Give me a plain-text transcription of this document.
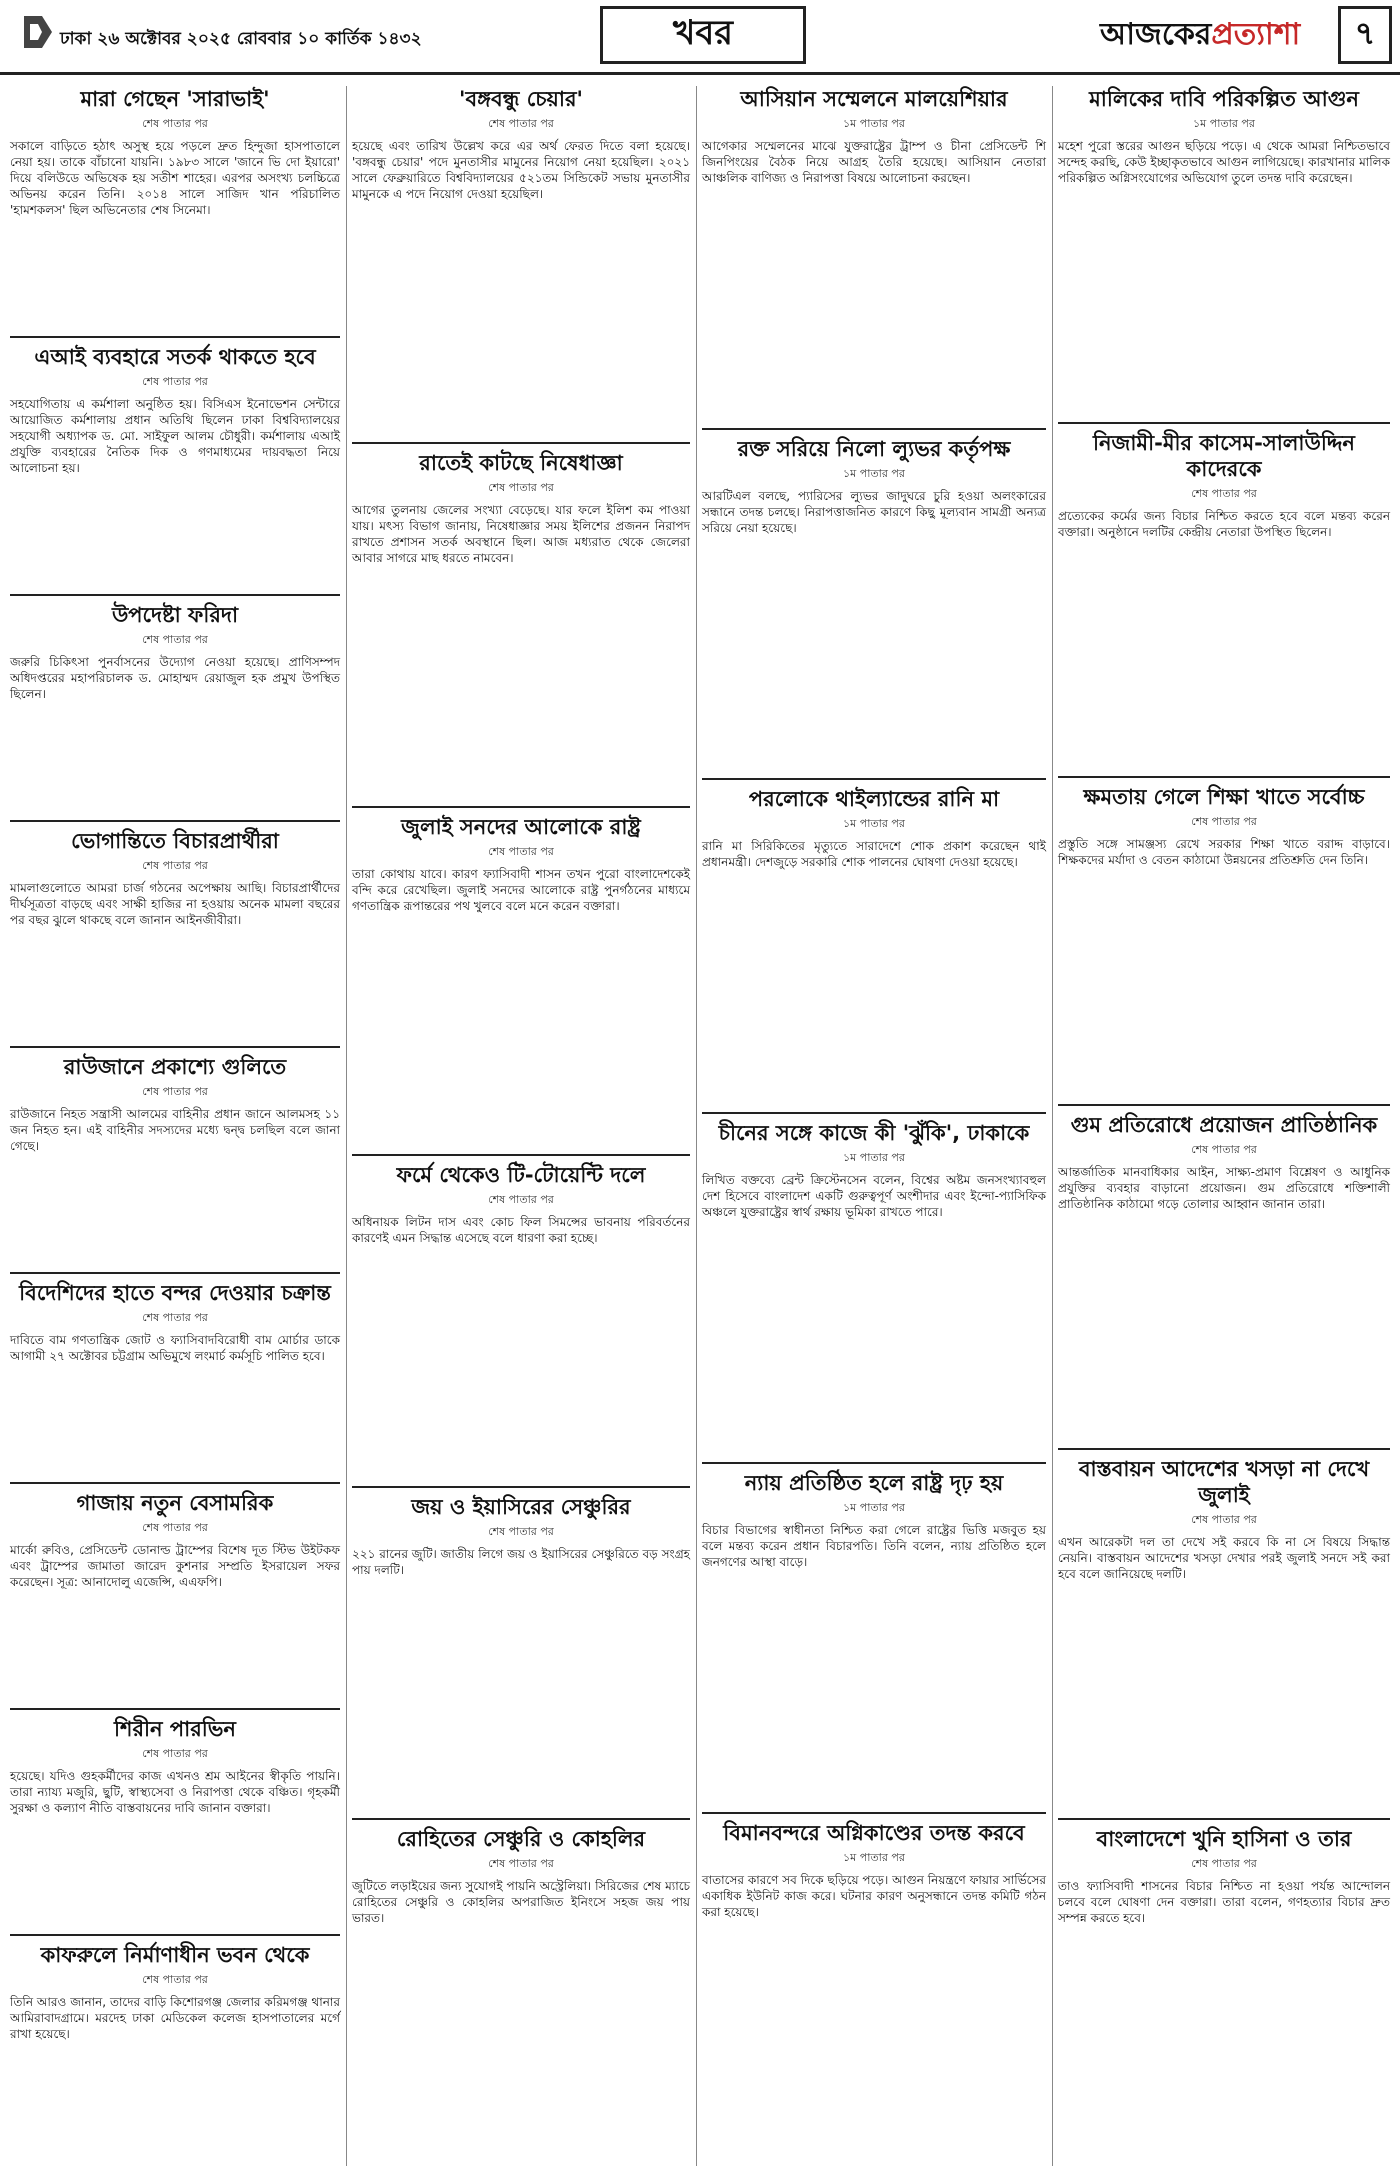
ঢাকা ২৬ অক্টোবর ২০২৫ রোববার ১০ কার্তিক ১৪৩২	খবর	আজকেরপ্রত্যাশা	৭
মারা গেছেন 'সারাভাই'
শেষ পাতার পর

সকালে বাড়িতে হঠাৎ অসুস্থ হয়ে পড়লে দ্রুত হিন্দুজা হাসপাতালে নেয়া হয়। তাকে বাঁচানো যায়নি। ১৯৮৩ সালে 'জানে ভি দো ইয়ারো' দিয়ে বলিউডে অভিষেক হয় সতীশ শাহের। এরপর অসংখ্য চলচ্চিত্রে অভিনয় করেন তিনি। ২০১৪ সালে সাজিদ খান পরিচালিত 'হামশকলস' ছিল অভিনেতার শেষ সিনেমা।

এআই ব্যবহারে সতর্ক থাকতে হবে
শেষ পাতার পর

সহযোগিতায় এ কর্মশালা অনুষ্ঠিত হয়। বিসিএস ইনোভেশন সেন্টারে আয়োজিত কর্মশালায় প্রধান অতিথি ছিলেন ঢাকা বিশ্ববিদ্যালয়ের সহযোগী অধ্যাপক ড. মো. সাইফুল আলম চৌধুরী। কর্মশালায় এআই প্রযুক্তি ব্যবহারের নৈতিক দিক ও গণমাধ্যমের দায়বদ্ধতা নিয়ে আলোচনা হয়।

উপদেষ্টা ফরিদা
শেষ পাতার পর

জরুরি চিকিৎসা পুনর্বাসনের উদ্যোগ নেওয়া হয়েছে। প্রাণিসম্পদ অধিদপ্তরের মহাপরিচালক ড. মোহাম্মদ রেয়াজুল হক প্রমুখ উপস্থিত ছিলেন।

ভোগান্তিতে বিচারপ্রার্থীরা
শেষ পাতার পর

মামলাগুলোতে আমরা চার্জ গঠনের অপেক্ষায় আছি। বিচারপ্রার্থীদের দীর্ঘসূত্রতা বাড়ছে এবং সাক্ষী হাজির না হওয়ায় অনেক মামলা বছরের পর বছর ঝুলে থাকছে বলে জানান আইনজীবীরা।

রাউজানে প্রকাশ্যে গুলিতে
শেষ পাতার পর

রাউজানে নিহত সন্ত্রাসী আলমের বাহিনীর প্রধান জানে আলমসহ ১১ জন নিহত হন। এই বাহিনীর সদস্যদের মধ্যে দ্বন্দ্ব চলছিল বলে জানা গেছে।

বিদেশিদের হাতে বন্দর দেওয়ার চক্রান্ত
শেষ পাতার পর

দাবিতে বাম গণতান্ত্রিক জোট ও ফ্যাসিবাদবিরোধী বাম মোর্চার ডাকে আগামী ২৭ অক্টোবর চট্টগ্রাম অভিমুখে লংমার্চ কর্মসূচি পালিত হবে।

গাজায় নতুন বেসামরিক
শেষ পাতার পর

মার্কো রুবিও, প্রেসিডেন্ট ডোনাল্ড ট্রাম্পের বিশেষ দূত স্টিভ উইটকফ এবং ট্রাম্পের জামাতা জারেদ কুশনার সম্প্রতি ইসরায়েল সফর করেছেন। সূত্র: আনাদোলু এজেন্সি, এএফপি।

শিরীন পারভিন
শেষ পাতার পর

হয়েছে। যদিও গুহকর্মীদের কাজ এখনও শ্রম আইনের স্বীকৃতি পায়নি। তারা ন্যায্য মজুরি, ছুটি, স্বাস্থ্যসেবা ও নিরাপত্তা থেকে বঞ্চিত। গৃহকর্মী সুরক্ষা ও কল্যাণ নীতি বাস্তবায়নের দাবি জানান বক্তারা।

কাফরুলে নির্মাণাধীন ভবন থেকে
শেষ পাতার পর

তিনি আরও জানান, তাদের বাড়ি কিশোরগঞ্জ জেলার করিমগঞ্জ থানার আমিরাবাদগ্রামে। মরদেহ ঢাকা মেডিকেল কলেজ হাসপাতালের মর্গে রাখা হয়েছে।

'বঙ্গবন্ধু চেয়ার'
শেষ পাতার পর

হয়েছে এবং তারিখ উল্লেখ করে এর অর্থ ফেরত দিতে বলা হয়েছে। 'বঙ্গবন্ধু চেয়ার' পদে মুনতাসীর মামুনের নিয়োগ নেয়া হয়েছিল। ২০২১ সালে ফেব্রুয়ারিতে বিশ্ববিদ্যালয়ের ৫২১তম সিন্ডিকেট সভায় মুনতাসীর মামুনকে এ পদে নিয়োগ দেওয়া হয়েছিল।

রাতেই কাটছে নিষেধাজ্ঞা
শেষ পাতার পর

আগের তুলনায় জেলের সংখ্যা বেড়েছে। যার ফলে ইলিশ কম পাওয়া যায়। মৎস্য বিভাগ জানায়, নিষেধাজ্ঞার সময় ইলিশের প্রজনন নিরাপদ রাখতে প্রশাসন সতর্ক অবস্থানে ছিল। আজ মধ্যরাত থেকে জেলেরা আবার সাগরে মাছ ধরতে নামবেন।

জুলাই সনদের আলোকে রাষ্ট্র
শেষ পাতার পর

তারা কোথায় যাবে। কারণ ফ্যাসিবাদী শাসন তখন পুরো বাংলাদেশকেই বন্দি করে রেখেছিল। জুলাই সনদের আলোকে রাষ্ট্র পুনর্গঠনের মাধ্যমে গণতান্ত্রিক রূপান্তরের পথ খুলবে বলে মনে করেন বক্তারা।

ফর্মে থেকেও টি-টোয়েন্টি দলে
শেষ পাতার পর

অধিনায়ক লিটন দাস এবং কোচ ফিল সিমন্সের ভাবনায় পরিবর্তনের কারণেই এমন সিদ্ধান্ত এসেছে বলে ধারণা করা হচ্ছে।

জয় ও ইয়াসিরের সেঞ্চুরির
শেষ পাতার পর

২২১ রানের জুটি। জাতীয় লিগে জয় ও ইয়াসিরের সেঞ্চুরিতে বড় সংগ্রহ পায় দলটি।

রোহিতের সেঞ্চুরি ও কোহলির
শেষ পাতার পর

জুটিতে লড়াইয়ের জন্য সুযোগই পায়নি অস্ট্রেলিয়া। সিরিজের শেষ ম্যাচে রোহিতের সেঞ্চুরি ও কোহলির অপরাজিত ইনিংসে সহজ জয় পায় ভারত।

আসিয়ান সম্মেলনে মালয়েশিয়ার
১ম পাতার পর

আগেকার সম্মেলনের মাঝে যুক্তরাষ্ট্রের ট্রাম্প ও চীনা প্রেসিডেন্ট শি জিনপিংয়ের বৈঠক নিয়ে আগ্রহ তৈরি হয়েছে। আসিয়ান নেতারা আঞ্চলিক বাণিজ্য ও নিরাপত্তা বিষয়ে আলোচনা করছেন।

রক্ত সরিয়ে নিলো ল্যুভর কর্তৃপক্ষ
১ম পাতার পর

আরটিএল বলছে, প্যারিসের ল্যুভর জাদুঘরে চুরি হওয়া অলংকারের সন্ধানে তদন্ত চলছে। নিরাপত্তাজনিত কারণে কিছু মূল্যবান সামগ্রী অন্যত্র সরিয়ে নেয়া হয়েছে।

পরলোকে থাইল্যান্ডের রানি মা
১ম পাতার পর

রানি মা সিরিকিতের মৃত্যুতে সারাদেশে শোক প্রকাশ করেছেন থাই প্রধানমন্ত্রী। দেশজুড়ে সরকারি শোক পালনের ঘোষণা দেওয়া হয়েছে।

চীনের সঙ্গে কাজে কী 'ঝুঁকি', ঢাকাকে
১ম পাতার পর

লিখিত বক্তব্যে ব্রেন্ট ক্রিস্টেনসেন বলেন, বিশ্বের অষ্টম জনসংখ্যাবহুল দেশ হিসেবে বাংলাদেশ একটি গুরুত্বপূর্ণ অংশীদার এবং ইন্দো-প্যাসিফিক অঞ্চলে যুক্তরাষ্ট্রের স্বার্থ রক্ষায় ভূমিকা রাখতে পারে।

ন্যায় প্রতিষ্ঠিত হলে রাষ্ট্র দৃঢ় হয়
১ম পাতার পর

বিচার বিভাগের স্বাধীনতা নিশ্চিত করা গেলে রাষ্ট্রের ভিত্তি মজবুত হয় বলে মন্তব্য করেন প্রধান বিচারপতি। তিনি বলেন, ন্যায় প্রতিষ্ঠিত হলে জনগণের আস্থা বাড়ে।

বিমানবন্দরে অগ্নিকাণ্ডের তদন্ত করবে
১ম পাতার পর

বাতাসের কারণে সব দিকে ছড়িয়ে পড়ে। আগুন নিয়ন্ত্রণে ফায়ার সার্ভিসের একাধিক ইউনিট কাজ করে। ঘটনার কারণ অনুসন্ধানে তদন্ত কমিটি গঠন করা হয়েছে।

মালিকের দাবি পরিকল্পিত আগুন
১ম পাতার পর

মহেশ পুরো স্তরের আগুন ছড়িয়ে পড়ে। এ থেকে আমরা নিশ্চিতভাবে সন্দেহ করছি, কেউ ইচ্ছাকৃতভাবে আগুন লাগিয়েছে। কারখানার মালিক পরিকল্পিত অগ্নিসংযোগের অভিযোগ তুলে তদন্ত দাবি করেছেন।

নিজামী-মীর কাসেম-সালাউদ্দিন কাদেরকে
শেষ পাতার পর

প্রত্যেকের কর্মের জন্য বিচার নিশ্চিত করতে হবে বলে মন্তব্য করেন বক্তারা। অনুষ্ঠানে দলটির কেন্দ্রীয় নেতারা উপস্থিত ছিলেন।

ক্ষমতায় গেলে শিক্ষা খাতে সর্বোচ্চ
শেষ পাতার পর

প্রস্তুতি সঙ্গে সামঞ্জস্য রেখে সরকার শিক্ষা খাতে বরাদ্দ বাড়াবে। শিক্ষকদের মর্যাদা ও বেতন কাঠামো উন্নয়নের প্রতিশ্রুতি দেন তিনি।

গুম প্রতিরোধে প্রয়োজন প্রাতিষ্ঠানিক
শেষ পাতার পর

আন্তর্জাতিক মানবাধিকার আইন, সাক্ষ্য-প্রমাণ বিশ্লেষণ ও আধুনিক প্রযুক্তির ব্যবহার বাড়ানো প্রয়োজন। গুম প্রতিরোধে শক্তিশালী প্রাতিষ্ঠানিক কাঠামো গড়ে তোলার আহ্বান জানান তারা।

বাস্তবায়ন আদেশের খসড়া না দেখে জুলাই
শেষ পাতার পর

এখন আরেকটা দল তা দেখে সই করবে কি না সে বিষয়ে সিদ্ধান্ত নেয়নি। বাস্তবায়ন আদেশের খসড়া দেখার পরই জুলাই সনদে সই করা হবে বলে জানিয়েছে দলটি।

বাংলাদেশে খুনি হাসিনা ও তার
শেষ পাতার পর

তাও ফ্যাসিবাদী শাসনের বিচার নিশ্চিত না হওয়া পর্যন্ত আন্দোলন চলবে বলে ঘোষণা দেন বক্তারা। তারা বলেন, গণহত্যার বিচার দ্রুত সম্পন্ন করতে হবে।
